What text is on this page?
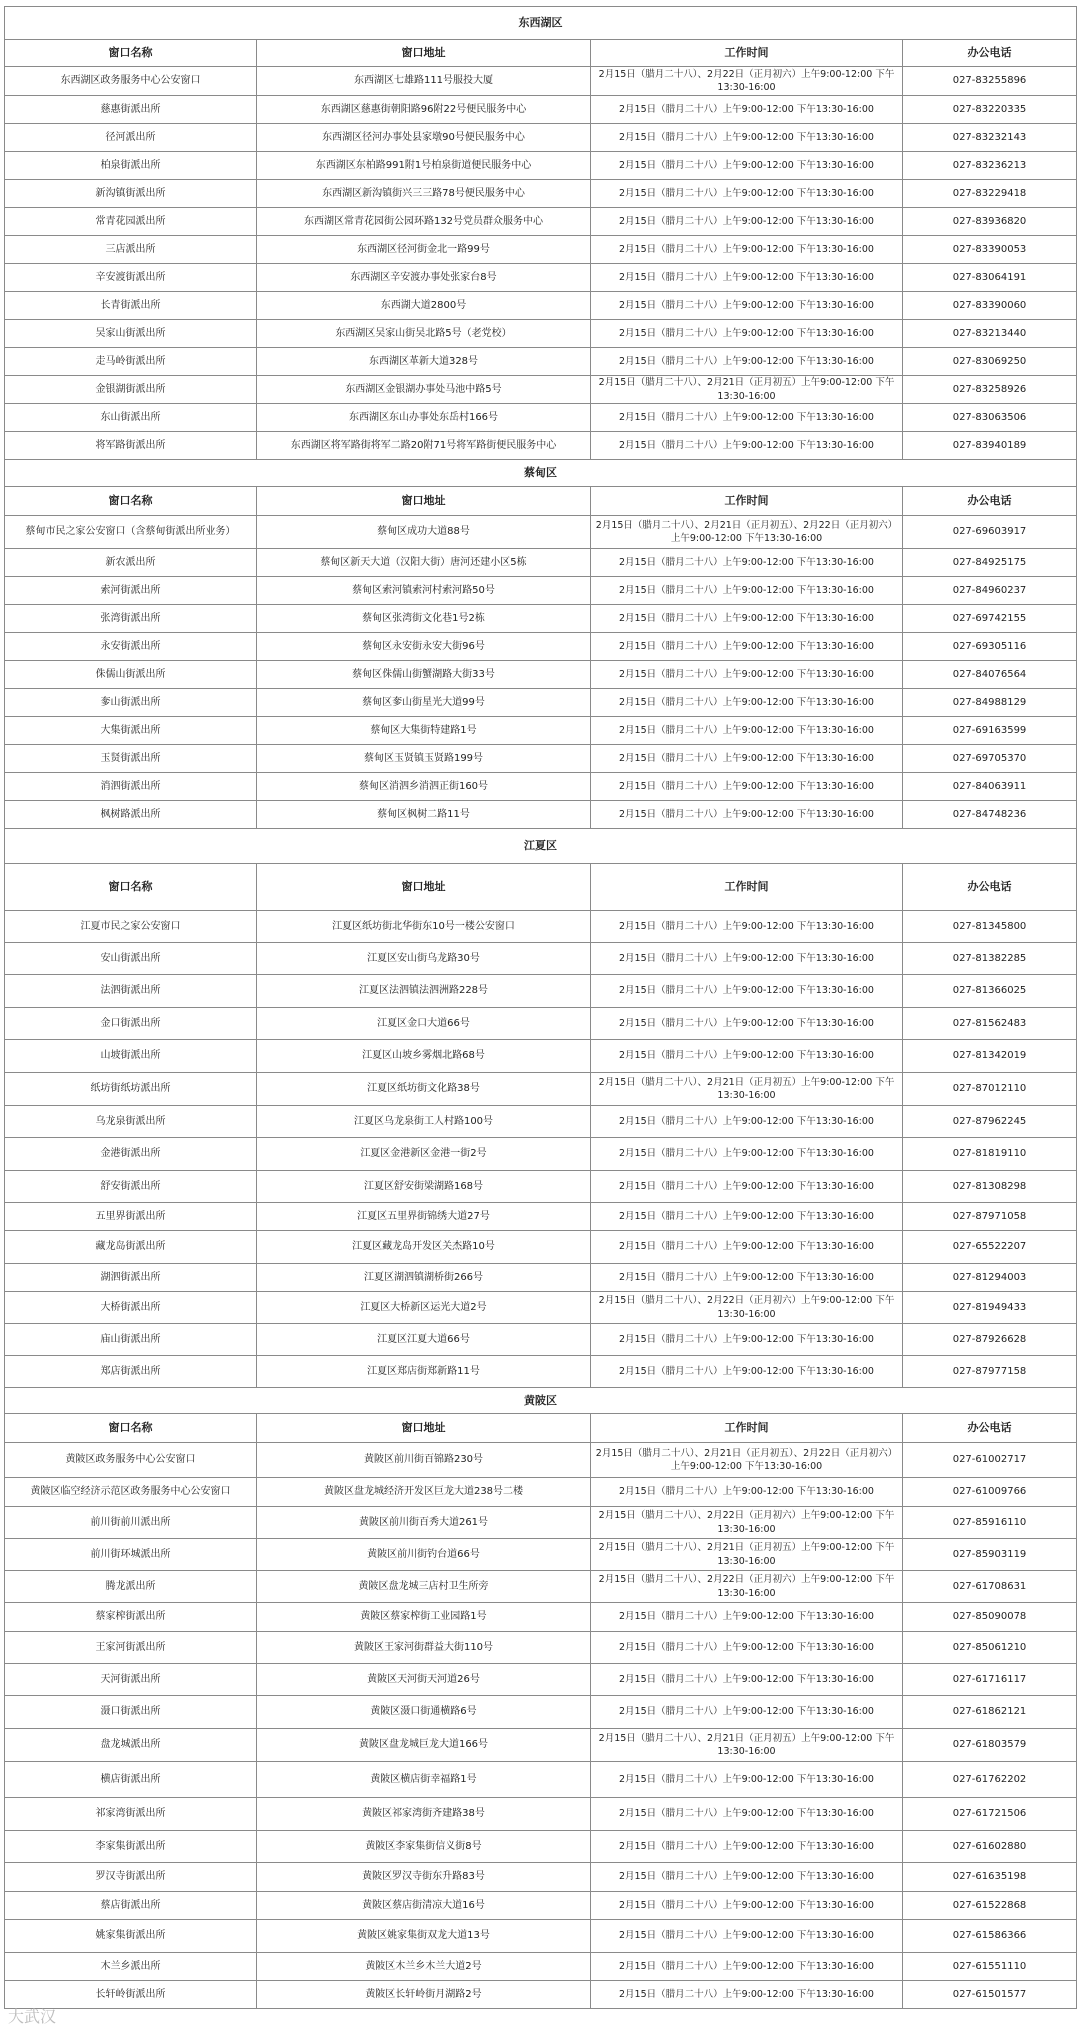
东西湖区			
窗口名称	窗口地址	工作时间	办公电话
东西湖区政务服务中心公安窗口	东西湖区七雄路111号服投大厦	2月15日（腊月二十八）、2月22日（正月初六）上午9:00-12:00 下午13:30-16:00	027-83255896
慈惠街派出所	东西湖区慈惠街朝阳路96附22号便民服务中心	2月15日（腊月二十八）上午9:00-12:00 下午13:30-16:00	027-83220335
径河派出所	东西湖区径河办事处县家墩90号便民服务中心	2月15日（腊月二十八）上午9:00-12:00 下午13:30-16:00	027-83232143
柏泉街派出所	东西湖区东柏路991附1号柏泉街道便民服务中心	2月15日（腊月二十八）上午9:00-12:00 下午13:30-16:00	027-83236213
新沟镇街派出所	东西湖区新沟镇街兴三三路78号便民服务中心	2月15日（腊月二十八）上午9:00-12:00 下午13:30-16:00	027-83229418
常青花园派出所	东西湖区常青花园街公园环路132号党员群众服务中心	2月15日（腊月二十八）上午9:00-12:00 下午13:30-16:00	027-83936820
三店派出所	东西湖区径河街金北一路99号	2月15日（腊月二十八）上午9:00-12:00 下午13:30-16:00	027-83390053
辛安渡街派出所	东西湖区辛安渡办事处张家台8号	2月15日（腊月二十八）上午9:00-12:00 下午13:30-16:00	027-83064191
长青街派出所	东西湖大道2800号	2月15日（腊月二十八）上午9:00-12:00 下午13:30-16:00	027-83390060
吴家山街派出所	东西湖区吴家山街吴北路5号（老党校）	2月15日（腊月二十八）上午9:00-12:00 下午13:30-16:00	027-83213440
走马岭街派出所	东西湖区革新大道328号	2月15日（腊月二十八）上午9:00-12:00 下午13:30-16:00	027-83069250
金银湖街派出所	东西湖区金银湖办事处马池中路5号	2月15日（腊月二十八）、2月21日（正月初五）上午9:00-12:00 下午13:30-16:00	027-83258926
东山街派出所	东西湖区东山办事处东岳村166号	2月15日（腊月二十八）上午9:00-12:00 下午13:30-16:00	027-83063506
将军路街派出所	东西湖区将军路街将军二路20附71号将军路街便民服务中心	2月15日（腊月二十八）上午9:00-12:00 下午13:30-16:00	027-83940189
蔡甸区			
窗口名称	窗口地址	工作时间	办公电话
蔡甸市民之家公安窗口（含蔡甸街派出所业务）	蔡甸区成功大道88号	2月15日（腊月二十八）、2月21日（正月初五）、2月22日（正月初六）上午9:00-12:00 下午13:30-16:00	027-69603917
新农派出所	蔡甸区新天大道（汉阳大街）唐河还建小区5栋	2月15日（腊月二十八）上午9:00-12:00 下午13:30-16:00	027-84925175
索河街派出所	蔡甸区索河镇索河村索河路50号	2月15日（腊月二十八）上午9:00-12:00 下午13:30-16:00	027-84960237
张湾街派出所	蔡甸区张湾街文化巷1号2栋	2月15日（腊月二十八）上午9:00-12:00 下午13:30-16:00	027-69742155
永安街派出所	蔡甸区永安街永安大街96号	2月15日（腊月二十八）上午9:00-12:00 下午13:30-16:00	027-69305116
侏儒山街派出所	蔡甸区侏儒山街蟹湖路大街33号	2月15日（腊月二十八）上午9:00-12:00 下午13:30-16:00	027-84076564
奓山街派出所	蔡甸区奓山街星光大道99号	2月15日（腊月二十八）上午9:00-12:00 下午13:30-16:00	027-84988129
大集街派出所	蔡甸区大集街特建路1号	2月15日（腊月二十八）上午9:00-12:00 下午13:30-16:00	027-69163599
玉贤街派出所	蔡甸区玉贤镇玉贤路199号	2月15日（腊月二十八）上午9:00-12:00 下午13:30-16:00	027-69705370
消泗街派出所	蔡甸区消泗乡消泗正街160号	2月15日（腊月二十八）上午9:00-12:00 下午13:30-16:00	027-84063911
枫树路派出所	蔡甸区枫树二路11号	2月15日（腊月二十八）上午9:00-12:00 下午13:30-16:00	027-84748236
江夏区			
窗口名称	窗口地址	工作时间	办公电话
江夏市民之家公安窗口	江夏区纸坊街北华街东10号一楼公安窗口	2月15日（腊月二十八）上午9:00-12:00 下午13:30-16:00	027-81345800
安山街派出所	江夏区安山街乌龙路30号	2月15日（腊月二十八）上午9:00-12:00 下午13:30-16:00	027-81382285
法泗街派出所	江夏区法泗镇法泗洲路228号	2月15日（腊月二十八）上午9:00-12:00 下午13:30-16:00	027-81366025
金口街派出所	江夏区金口大道66号	2月15日（腊月二十八）上午9:00-12:00 下午13:30-16:00	027-81562483
山坡街派出所	江夏区山坡乡雾烟北路68号	2月15日（腊月二十八）上午9:00-12:00 下午13:30-16:00	027-81342019
纸坊街纸坊派出所	江夏区纸坊街文化路38号	2月15日（腊月二十八）、2月21日（正月初五）上午9:00-12:00 下午13:30-16:00	027-87012110
乌龙泉街派出所	江夏区乌龙泉街工人村路100号	2月15日（腊月二十八）上午9:00-12:00 下午13:30-16:00	027-87962245
金港街派出所	江夏区金港新区金港一街2号	2月15日（腊月二十八）上午9:00-12:00 下午13:30-16:00	027-81819110
舒安街派出所	江夏区舒安街梁湖路168号	2月15日（腊月二十八）上午9:00-12:00 下午13:30-16:00	027-81308298
五里界街派出所	江夏区五里界街锦绣大道27号	2月15日（腊月二十八）上午9:00-12:00 下午13:30-16:00	027-87971058
藏龙岛街派出所	江夏区藏龙岛开发区关杰路10号	2月15日（腊月二十八）上午9:00-12:00 下午13:30-16:00	027-65522207
湖泗街派出所	江夏区湖泗镇湖桥街266号	2月15日（腊月二十八）上午9:00-12:00 下午13:30-16:00	027-81294003
大桥街派出所	江夏区大桥新区运光大道2号	2月15日（腊月二十八）、2月22日（正月初六）上午9:00-12:00 下午13:30-16:00	027-81949433
庙山街派出所	江夏区江夏大道66号	2月15日（腊月二十八）上午9:00-12:00 下午13:30-16:00	027-87926628
郑店街派出所	江夏区郑店街郑新路11号	2月15日（腊月二十八）上午9:00-12:00 下午13:30-16:00	027-87977158
黄陂区			
窗口名称	窗口地址	工作时间	办公电话
黄陂区政务服务中心公安窗口	黄陂区前川街百锦路230号	2月15日（腊月二十八）、2月21日（正月初五）、2月22日（正月初六）上午9:00-12:00 下午13:30-16:00	027-61002717
黄陂区临空经济示范区政务服务中心公安窗口	黄陂区盘龙城经济开发区巨龙大道238号二楼	2月15日（腊月二十八）上午9:00-12:00 下午13:30-16:00	027-61009766
前川街前川派出所	黄陂区前川街百秀大道261号	2月15日（腊月二十八）、2月22日（正月初六）上午9:00-12:00 下午13:30-16:00	027-85916110
前川街环城派出所	黄陂区前川街钓台道66号	2月15日（腊月二十八）、2月21日（正月初五）上午9:00-12:00 下午13:30-16:00	027-85903119
腾龙派出所	黄陂区盘龙城三店村卫生所旁	2月15日（腊月二十八）、2月22日（正月初六）上午9:00-12:00 下午13:30-16:00	027-61708631
蔡家榨街派出所	黄陂区蔡家榨街工业园路1号	2月15日（腊月二十八）上午9:00-12:00 下午13:30-16:00	027-85090078
王家河街派出所	黄陂区王家河街群益大街110号	2月15日（腊月二十八）上午9:00-12:00 下午13:30-16:00	027-85061210
天河街派出所	黄陂区天河街天河道26号	2月15日（腊月二十八）上午9:00-12:00 下午13:30-16:00	027-61716117
滠口街派出所	黄陂区滠口街通横路6号	2月15日（腊月二十八）上午9:00-12:00 下午13:30-16:00	027-61862121
盘龙城派出所	黄陂区盘龙城巨龙大道166号	2月15日（腊月二十八）、2月21日（正月初五）上午9:00-12:00 下午13:30-16:00	027-61803579
横店街派出所	黄陂区横店街幸福路1号	2月15日（腊月二十八）上午9:00-12:00 下午13:30-16:00	027-61762202
祁家湾街派出所	黄陂区祁家湾街齐建路38号	2月15日（腊月二十八）上午9:00-12:00 下午13:30-16:00	027-61721506
李家集街派出所	黄陂区李家集街信义街8号	2月15日（腊月二十八）上午9:00-12:00 下午13:30-16:00	027-61602880
罗汉寺街派出所	黄陂区罗汉寺街东升路83号	2月15日（腊月二十八）上午9:00-12:00 下午13:30-16:00	027-61635198
蔡店街派出所	黄陂区蔡店街清凉大道16号	2月15日（腊月二十八）上午9:00-12:00 下午13:30-16:00	027-61522868
姚家集街派出所	黄陂区姚家集街双龙大道13号	2月15日（腊月二十八）上午9:00-12:00 下午13:30-16:00	027-61586366
木兰乡派出所	黄陂区木兰乡木兰大道2号	2月15日（腊月二十八）上午9:00-12:00 下午13:30-16:00	027-61551110
长轩岭街派出所	黄陂区长轩岭街月湖路2号	2月15日（腊月二十八）上午9:00-12:00 下午13:30-16:00	027-61501577
大武汉
